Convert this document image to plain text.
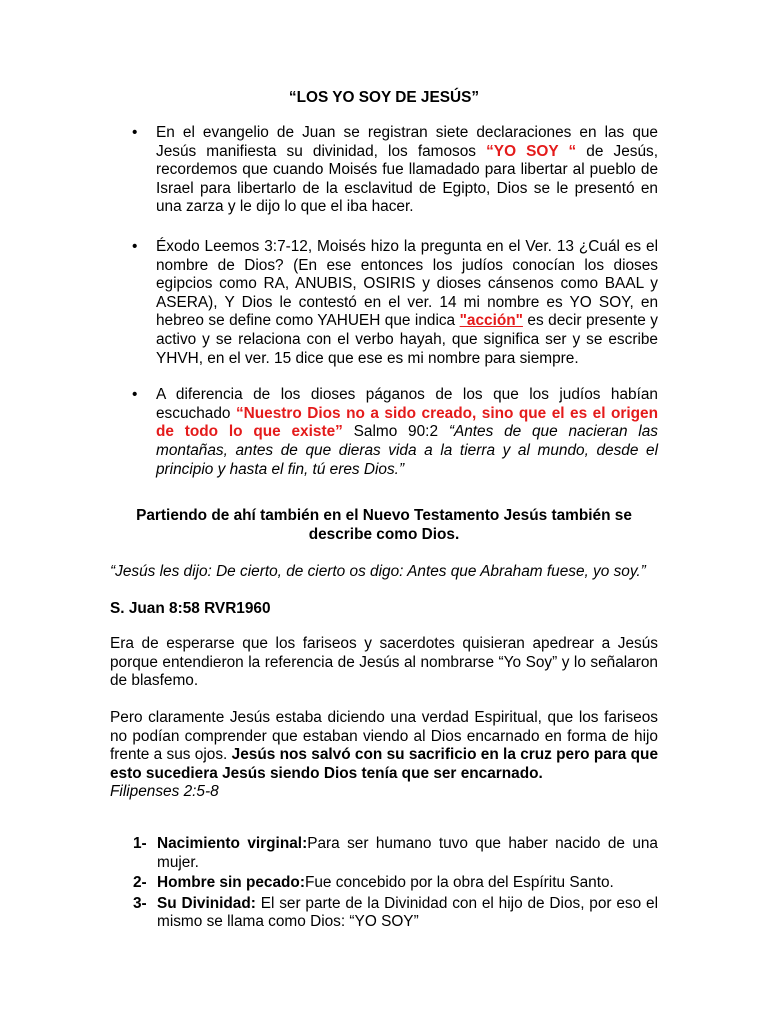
“LOS YO SOY DE JESÚS”
• En el evangelio de Juan se registran siete declaraciones en las que Jesús manifiesta su divinidad, los famosos “YO SOY “ de Jesús, recordemos que cuando Moisés fue llamadado para libertar al pueblo de Israel para libertarlo de la esclavitud de Egipto, Dios se le presentó en una zarza y le dijo lo que el iba hacer.
• Éxodo Leemos 3:7-12, Moisés hizo la pregunta en el Ver. 13 ¿Cuál es el nombre de Dios? (En ese entonces los judíos conocían los dioses egipcios como RA, ANUBIS, OSIRIS y dioses cánsenos como BAAL y ASERA), Y Dios le contestó en el ver. 14 mi nombre es YO SOY, en hebreo se define como YAHUEH que indica "acción" es decir presente y activo y se relaciona con el verbo hayah, que significa ser y se escribe YHVH, en el ver. 15 dice que ese es mi nombre para siempre.
• A diferencia de los dioses páganos de los que los judíos habían escuchado “Nuestro Dios no a sido creado, sino que el es el origen de todo lo que existe” Salmo 90:2 “Antes de que nacieran las montañas, antes de que dieras vida a la tierra y al mundo, desde el principio y hasta el fin, tú eres Dios.”
Partiendo de ahí también en el Nuevo Testamento Jesús también se describe como Dios.
“Jesús les dijo: De cierto, de cierto os digo: Antes que Abraham fuese, yo soy.”
S. Juan 8:58 RVR1960
Era de esperarse que los fariseos y sacerdotes quisieran apedrear a Jesús porque entendieron la referencia de Jesús al nombrarse “Yo Soy” y lo señalaron de blasfemo.
Pero claramente Jesús estaba diciendo una verdad Espiritual, que los fariseos no podían comprender que estaban viendo al Dios encarnado en forma de hijo frente a sus ojos. Jesús nos salvó con su sacrificio en la cruz pero para que esto sucediera Jesús siendo Dios tenía que ser encarnado.
Filipenses 2:5-8
1- Nacimiento virginal:Para ser humano tuvo que haber nacido de una mujer.
2- Hombre sin pecado:Fue concebido por la obra del Espíritu Santo.
3- Su Divinidad: El ser parte de la Divinidad con el hijo de Dios, por eso el mismo se llama como Dios: “YO SOY”
